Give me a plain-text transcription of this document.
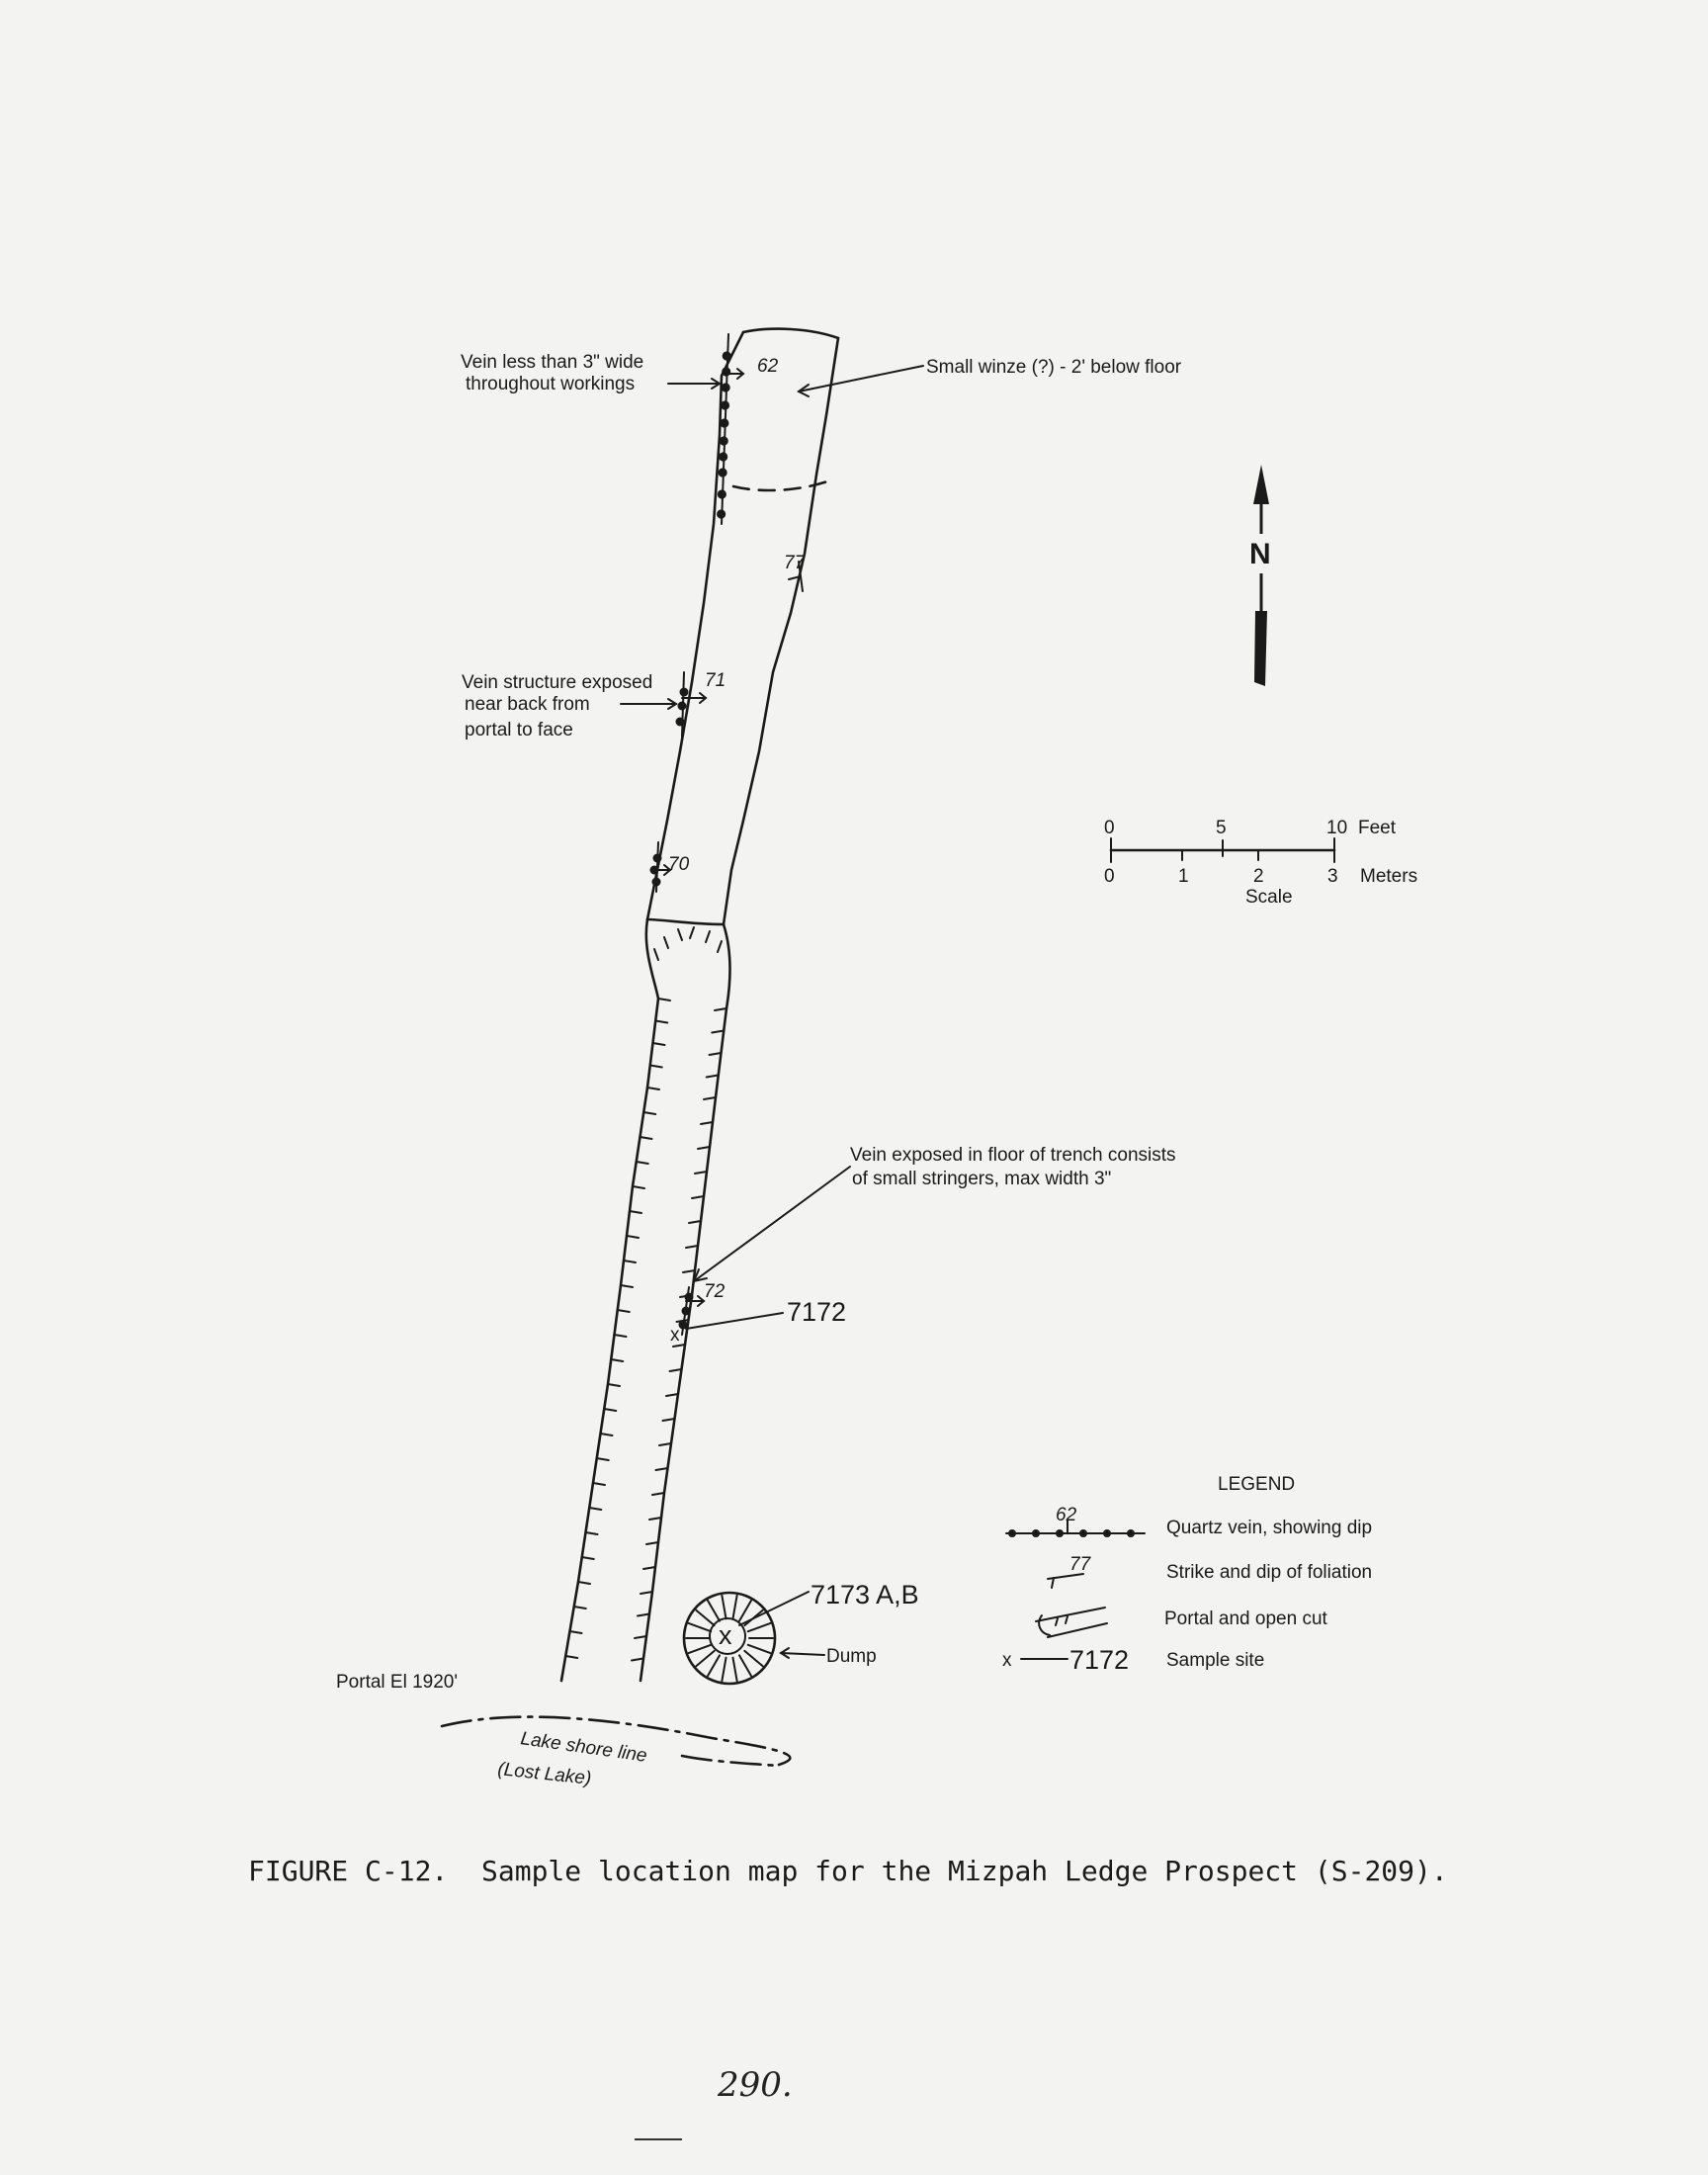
77
Vein less than 3" wide
throughout workings
62	Small winze (?) - 2' below floor
Vein structure exposed
near back from
portal to face
71
70
Vein exposed in floor of trench consists
of small stringers, max width 3"
72
x
7172
x
7173 A,B
Dump
Portal El 1920'
Lake shore line
(Lost Lake)
N
0	5	10 Feet
0	1	2	3 Meters
Scale
LEGEND
62
Quartz vein, showing dip
77	Strike and dip of foliation
Portal and open cut
x 7172 Sample site
FIGURE C-12.  Sample location map for the Mizpah Ledge Prospect (S-209).
290.
